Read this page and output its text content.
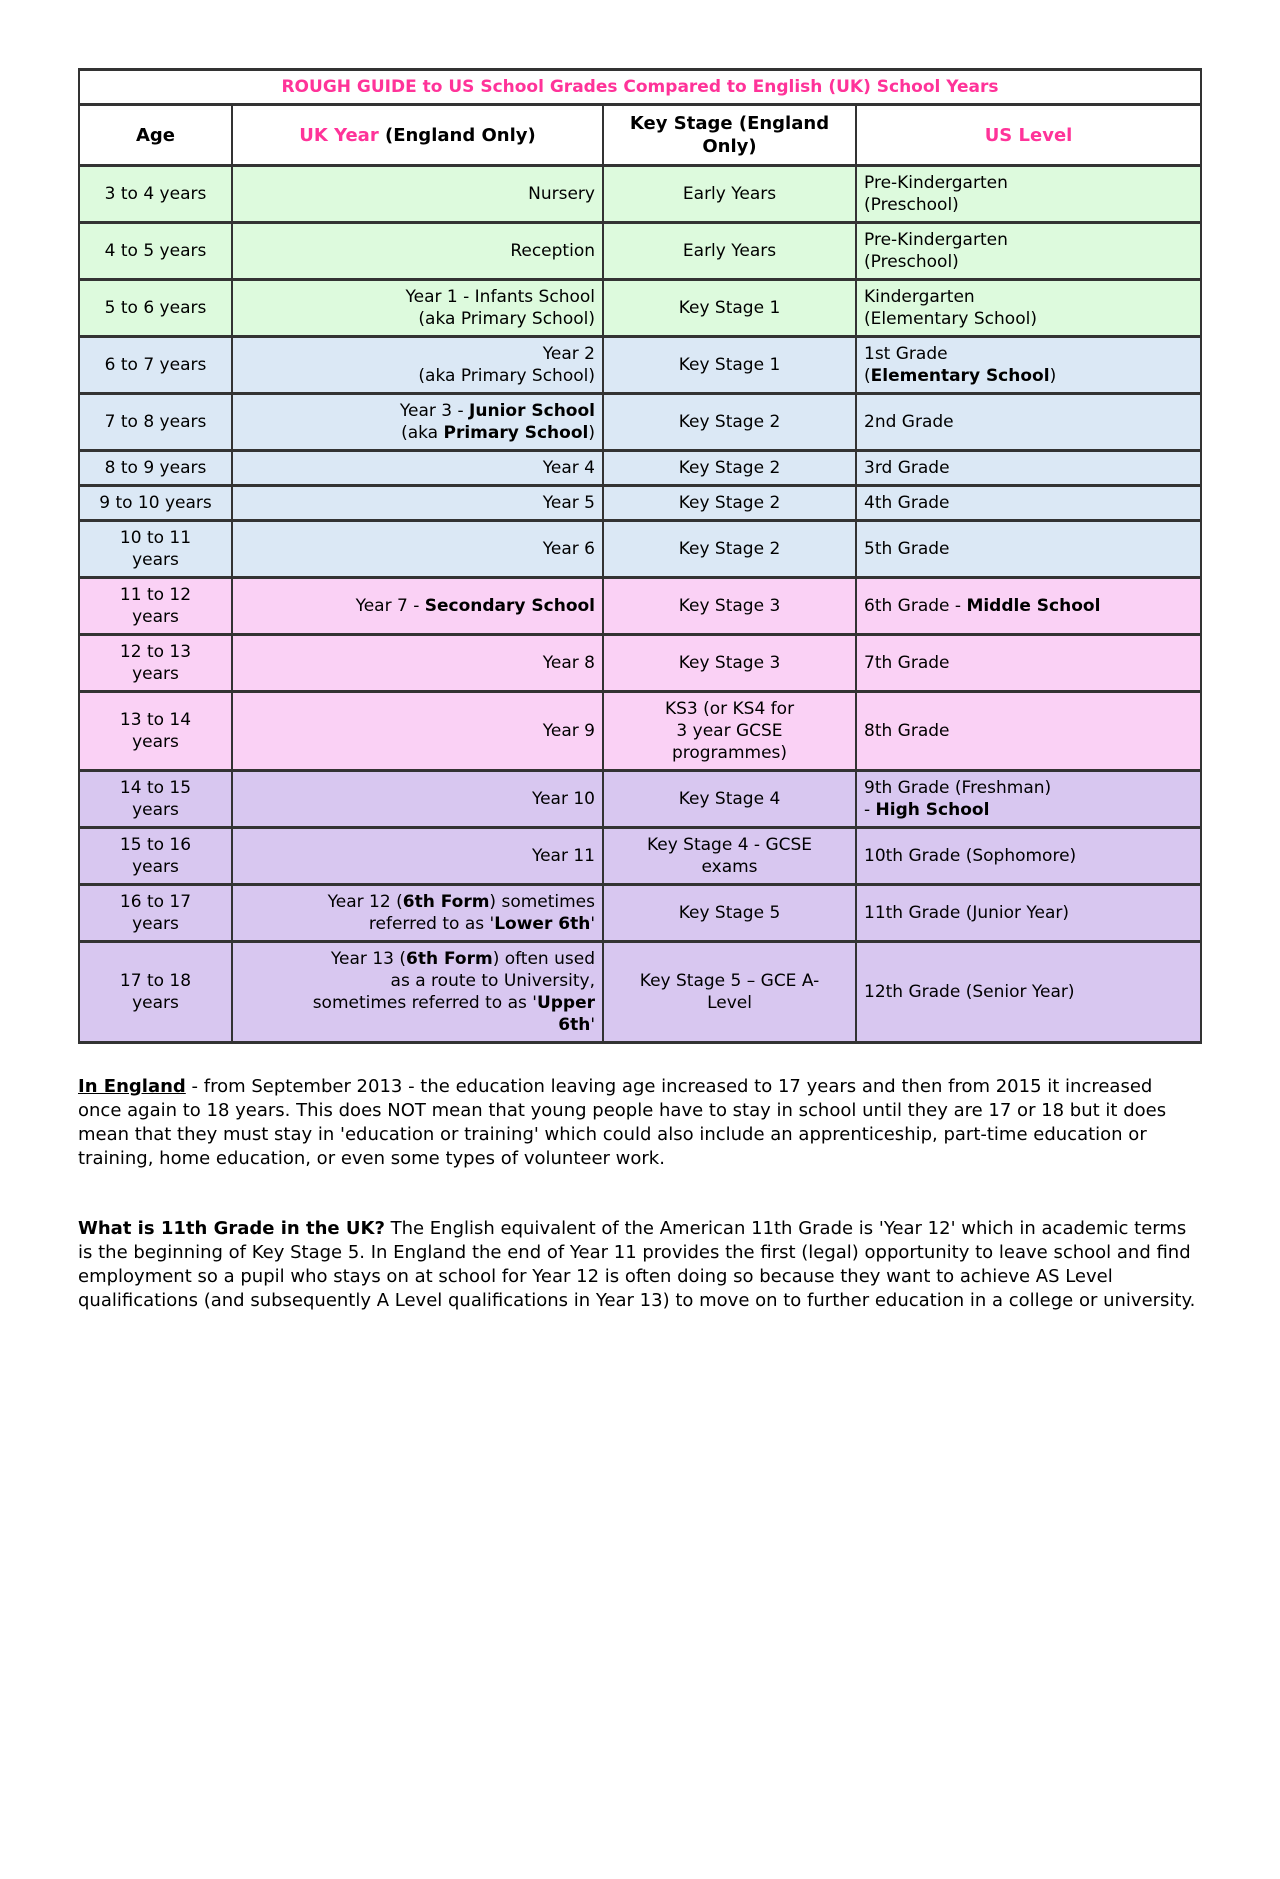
ROUGH GUIDE to US School Grades Compared to English (UK) School Years			
Age	UK Year (England Only)	Key Stage (England
Only)	US Level
3 to 4 years	Nursery	Early Years	Pre-Kindergarten
(Preschool)
4 to 5 years	Reception	Early Years	Pre-Kindergarten
(Preschool)
5 to 6 years	Year 1 - Infants School
(aka Primary School)	Key Stage 1	Kindergarten
(Elementary School)
6 to 7 years	Year 2
(aka Primary School)	Key Stage 1	1st Grade
(Elementary School)
7 to 8 years	Year 3 - Junior School
(aka Primary School)	Key Stage 2	2nd Grade
8 to 9 years	Year 4	Key Stage 2	3rd Grade
9 to 10 years	Year 5	Key Stage 2	4th Grade
10 to 11
years	Year 6	Key Stage 2	5th Grade
11 to 12
years	Year 7 - Secondary School	Key Stage 3	6th Grade - Middle School
12 to 13
years	Year 8	Key Stage 3	7th Grade
13 to 14
years	Year 9	KS3 (or KS4 for
3 year GCSE
programmes)	8th Grade
14 to 15
years	Year 10	Key Stage 4	9th Grade (Freshman)
- High School
15 to 16
years	Year 11	Key Stage 4 - GCSE
exams	10th Grade (Sophomore)
16 to 17
years	Year 12 (6th Form) sometimes
referred to as 'Lower 6th'	Key Stage 5	11th Grade (Junior Year)
17 to 18
years	Year 13 (6th Form) often used
as a route to University,
sometimes referred to as 'Upper
6th'	Key Stage 5 – GCE A-
Level	12th Grade (Senior Year)

In England - from September 2013 - the education leaving age increased to 17 years and then from 2015 it increased once again to 18 years. This does NOT mean that young people have to stay in school until they are 17 or 18 but it does mean that they must stay in 'education or training' which could also include an apprenticeship, part-time education or training, home education, or even some types of volunteer work.

What is 11th Grade in the UK? The English equivalent of the American 11th Grade is 'Year 12' which in academic terms is the beginning of Key Stage 5. In England the end of Year 11 provides the first (legal) opportunity to leave school and find employment so a pupil who stays on at school for Year 12 is often doing so because they want to achieve AS Level qualifications (and subsequently A Level qualifications in Year 13) to move on to further education in a college or university.
